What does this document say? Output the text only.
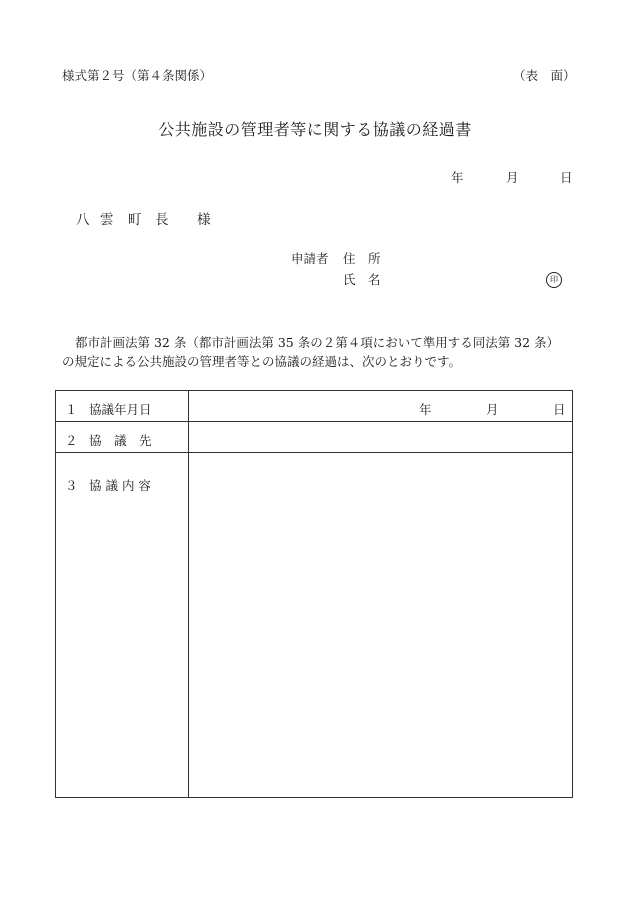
様式第２号（第４条関係）	（表　面）
公共施設の管理者等に関する協議の経過書
年	月	日
八 雲 町 長 様
申請者 住　所
氏　名	印
都市計画法第 32 条（都市計画法第 35 条の２第４項において準用する同法第 32 条）
の規定による公共施設の管理者等との協議の経過は、次のとおりです。
１ 協議年月日	年 月 日

２ 協　議　先	

３ 協 議 内 容	
